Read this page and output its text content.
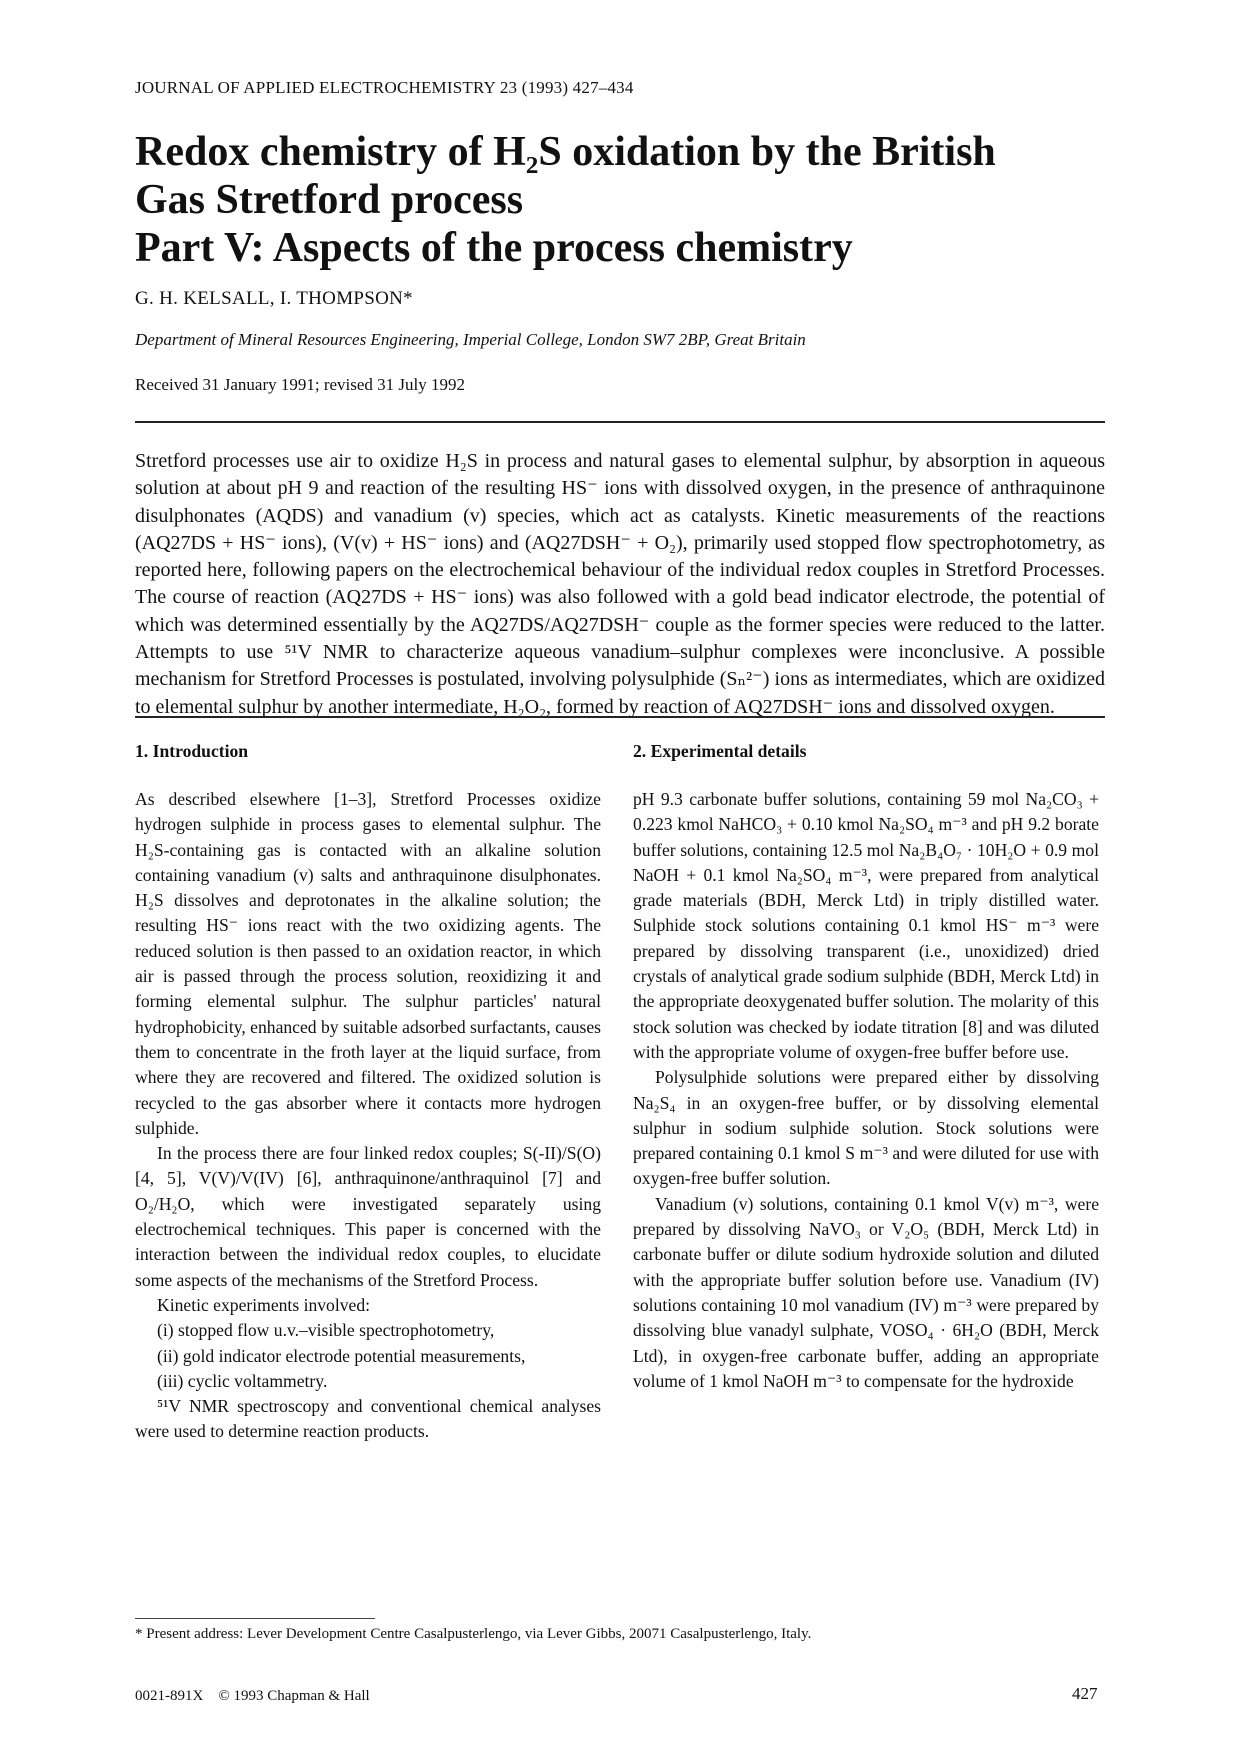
JOURNAL OF APPLIED ELECTROCHEMISTRY 23 (1993) 427–434
Redox chemistry of H₂S oxidation by the British
Gas Stretford process
Part V: Aspects of the process chemistry
G. H. KELSALL, I. THOMPSON*
Department of Mineral Resources Engineering, Imperial College, London SW7 2BP, Great Britain
Received 31 January 1991; revised 31 July 1992

Stretford processes use air to oxidize H₂S in process and natural gases to elemental sulphur, by absorption in aqueous solution at about pH 9 and reaction of the resulting HS⁻ ions with dissolved oxygen, in the presence of anthraquinone disulphonates (AQDS) and vanadium (v) species, which act as catalysts. Kinetic measurements of the reactions (AQ27DS + HS⁻ ions), (V(v) + HS⁻ ions) and (AQ27DSH⁻ + O₂), primarily used stopped flow spectrophotometry, as reported here, following papers on the electrochemical behaviour of the individual redox couples in Stretford Processes. The course of reaction (AQ27DS + HS⁻ ions) was also followed with a gold bead indicator electrode, the potential of which was determined essentially by the AQ27DS/AQ27DSH⁻ couple as the former species were reduced to the latter. Attempts to use ⁵¹V NMR to characterize aqueous vanadium–sulphur complexes were inconclusive. A possible mechanism for Stretford Processes is postulated, involving polysulphide (Sₙ²⁻) ions as intermediates, which are oxidized to elemental sulphur by another intermediate, H₂O₂, formed by reaction of AQ27DSH⁻ ions and dissolved oxygen.

1. Introduction

As described elsewhere [1–3], Stretford Processes oxidize hydrogen sulphide in process gases to elemental sulphur. The H₂S-containing gas is contacted with an alkaline solution containing vanadium (v) salts and anthraquinone disulphonates. H₂S dissolves and deprotonates in the alkaline solution; the resulting HS⁻ ions react with the two oxidizing agents. The reduced solution is then passed to an oxidation reactor, in which air is passed through the process solution, reoxidizing it and forming elemental sulphur. The sulphur particles' natural hydrophobicity, enhanced by suitable adsorbed surfactants, causes them to concentrate in the froth layer at the liquid surface, from where they are recovered and filtered. The oxidized solution is recycled to the gas absorber where it contacts more hydrogen sulphide.

In the process there are four linked redox couples; S(-II)/S(O) [4, 5], V(V)/V(IV) [6], anthraquinone/anthraquinol [7] and O₂/H₂O, which were investigated separately using electrochemical techniques. This paper is concerned with the interaction between the individual redox couples, to elucidate some aspects of the mechanisms of the Stretford Process.

Kinetic experiments involved:

(i) stopped flow u.v.–visible spectrophotometry,
(ii) gold indicator electrode potential measurements,
(iii) cyclic voltammetry.

⁵¹V NMR spectroscopy and conventional chemical analyses were used to determine reaction products.

2. Experimental details

pH 9.3 carbonate buffer solutions, containing 59 mol Na₂CO₃ + 0.223 kmol NaHCO₃ + 0.10 kmol Na₂SO₄ m⁻³ and pH 9.2 borate buffer solutions, containing 12.5 mol Na₂B₄O₇ · 10H₂O + 0.9 mol NaOH + 0.1 kmol Na₂SO₄ m⁻³, were prepared from analytical grade materials (BDH, Merck Ltd) in triply distilled water. Sulphide stock solutions containing 0.1 kmol HS⁻ m⁻³ were prepared by dissolving transparent (i.e., unoxidized) dried crystals of analytical grade sodium sulphide (BDH, Merck Ltd) in the appropriate deoxygenated buffer solution. The molarity of this stock solution was checked by iodate titration [8] and was diluted with the appropriate volume of oxygen-free buffer before use.

Polysulphide solutions were prepared either by dissolving Na₂S₄ in an oxygen-free buffer, or by dissolving elemental sulphur in sodium sulphide solution. Stock solutions were prepared containing 0.1 kmol S m⁻³ and were diluted for use with oxygen-free buffer solution.

Vanadium (v) solutions, containing 0.1 kmol V(v) m⁻³, were prepared by dissolving NaVO₃ or V₂O₅ (BDH, Merck Ltd) in carbonate buffer or dilute sodium hydroxide solution and diluted with the appropriate buffer solution before use. Vanadium (IV) solutions containing 10 mol vanadium (IV) m⁻³ were prepared by dissolving blue vanadyl sulphate, VOSO₄ · 6H₂O (BDH, Merck Ltd), in oxygen-free carbonate buffer, adding an appropriate volume of 1 kmol NaOH m⁻³ to compensate for the hydroxide

* Present address: Lever Development Centre Casalpusterlengo, via Lever Gibbs, 20071 Casalpusterlengo, Italy.
0021-891X © 1993 Chapman & Hall	427
